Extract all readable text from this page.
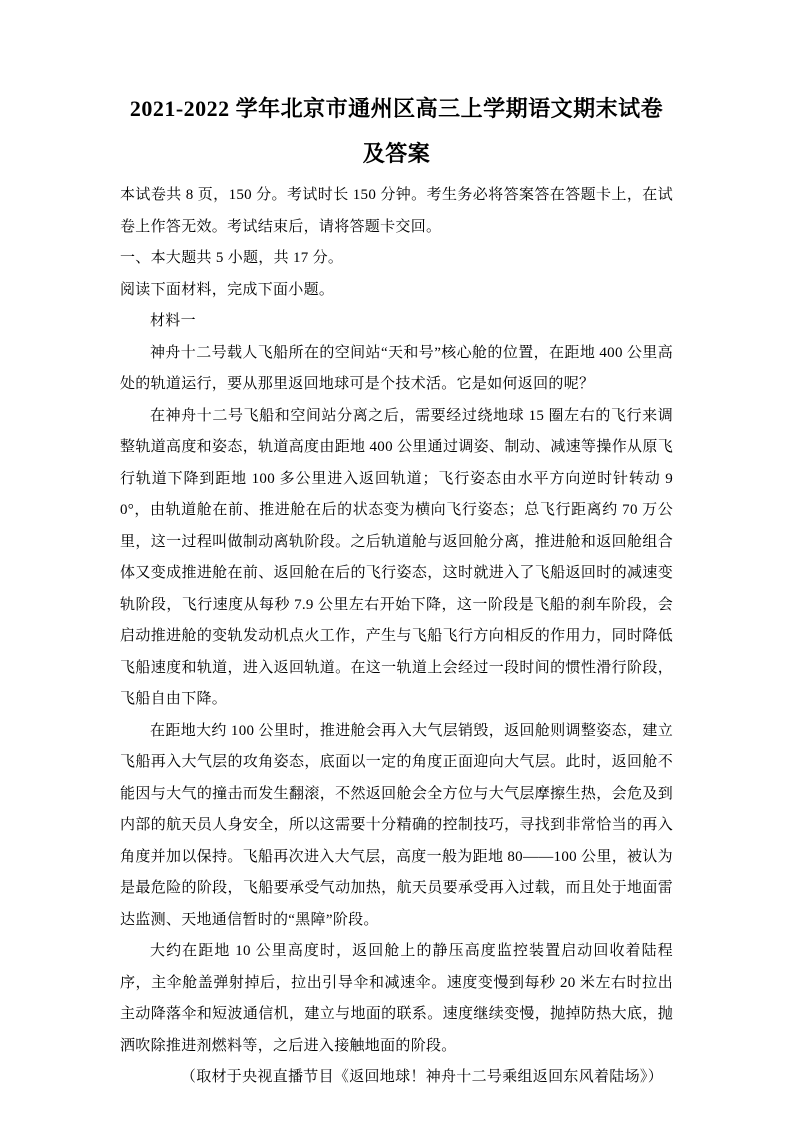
2021-2022 学年北京市通州区高三上学期语文期末试卷及答案

本试卷共 8 页，150 分。考试时长 150 分钟。考生务必将答案答在答题卡上，在试卷上作答无效。考试结束后，请将答题卡交回。

一、本大题共 5 小题，共 17 分。

阅读下面材料，完成下面小题。

材料一

神舟十二号载人飞船所在的空间站“天和号”核心舱的位置，在距地 400 公里高处的轨道运行，要从那里返回地球可是个技术活。它是如何返回的呢？

在神舟十二号飞船和空间站分离之后，需要经过绕地球 15 圈左右的飞行来调整轨道高度和姿态，轨道高度由距地 400 公里通过调姿、制动、减速等操作从原飞行轨道下降到距地 100 多公里进入返回轨道；飞行姿态由水平方向逆时针转动 90°，由轨道舱在前、推进舱在后的状态变为横向飞行姿态；总飞行距离约 70 万公里，这一过程叫做制动离轨阶段。之后轨道舱与返回舱分离，推进舱和返回舱组合体又变成推进舱在前、返回舱在后的飞行姿态，这时就进入了飞船返回时的减速变轨阶段，飞行速度从每秒 7.9 公里左右开始下降，这一阶段是飞船的刹车阶段，会启动推进舱的变轨发动机点火工作，产生与飞船飞行方向相反的作用力，同时降低飞船速度和轨道，进入返回轨道。在这一轨道上会经过一段时间的惯性滑行阶段，飞船自由下降。

在距地大约 100 公里时，推进舱会再入大气层销毁，返回舱则调整姿态，建立飞船再入大气层的攻角姿态，底面以一定的角度正面迎向大气层。此时，返回舱不能因与大气的撞击而发生翻滚，不然返回舱会全方位与大气层摩擦生热，会危及到内部的航天员人身安全，所以这需要十分精确的控制技巧，寻找到非常恰当的再入角度并加以保持。飞船再次进入大气层，高度一般为距地 80——100 公里，被认为是最危险的阶段，飞船要承受气动加热，航天员要承受再入过载，而且处于地面雷达监测、天地通信暂时的“黑障”阶段。

大约在距地 10 公里高度时，返回舱上的静压高度监控装置启动回收着陆程序，主伞舱盖弹射掉后，拉出引导伞和减速伞。速度变慢到每秒 20 米左右时拉出主动降落伞和短波通信机，建立与地面的联系。速度继续变慢，抛掉防热大底，抛洒吹除推进剂燃料等，之后进入接触地面的阶段。

（取材于央视直播节目《返回地球！神舟十二号乘组返回东风着陆场》）
